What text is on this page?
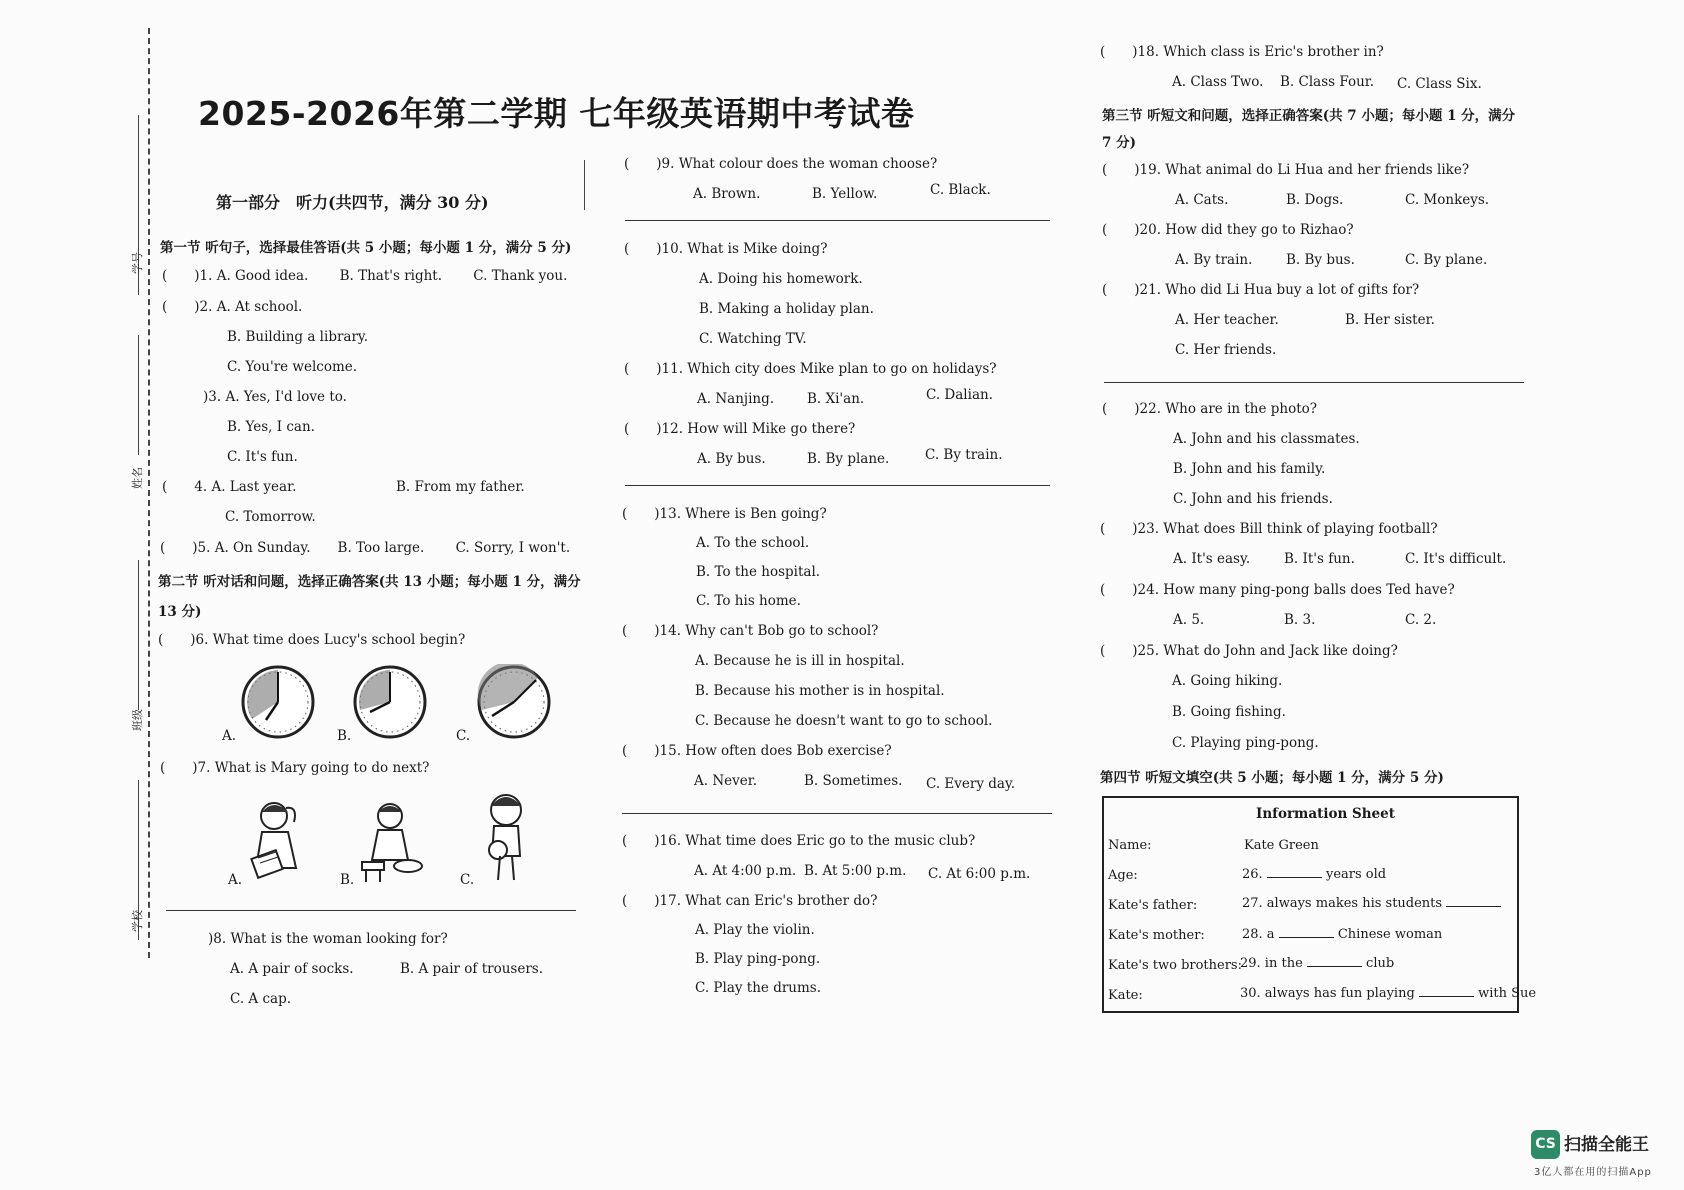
学号
姓名
班级
学校
2025-2026年第二学期 七年级英语期中考试卷
第一部分　听力(共四节，满分 30 分)
第一节 听句子，选择最佳答语(共 5 小题；每小题 1 分，满分 5 分)
(　　)1. A. Good idea.　　 B. That's right.　　 C. Thank you.
(　　)2. A. At school.
B. Building a library.
C. You're welcome.
)3. A. Yes, I'd love to.
B. Yes, I can.
C. It's fun.
(　　4. A. Last year.	B. From my father.
C. Tomorrow.
(　　)5. A. On Sunday.　　B. Too large.　　 C. Sorry, I won't.
第二节 听对话和问题，选择正确答案(共 13 小题；每小题 1 分，满分
13 分)
(　　)6. What time does Lucy's school begin?
A.	B.	C.
(　　)7. What is Mary going to do next?
A.	B.	C.
)8. What is the woman looking for?
A. A pair of socks.	B. A pair of trousers.
C. A cap.
(　　)9. What colour does the woman choose?
A. Brown.	B. Yellow.	C. Black.
(　　)10. What is Mike doing?
A. Doing his homework.
B. Making a holiday plan.
C. Watching TV.
(　　)11. Which city does Mike plan to go on holidays?
A. Nanjing. B. Xi'an.	C. Dalian.
(　　)12. How will Mike go there?
A. By bus.	B. By plane.	C. By train.
(　　)13. Where is Ben going?
A. To the school.
B. To the hospital.
C. To his home.
(　　)14. Why can't Bob go to school?
A. Because he is ill in hospital.
B. Because his mother is in hospital.
C. Because he doesn't want to go to school.
(　　)15. How often does Bob exercise?
A. Never.	B. Sometimes. C. Every day.
(　　)16. What time does Eric go to the music club?
A. At 4:00 p.m. B. At 5:00 p.m. C. At 6:00 p.m.
(　　)17. What can Eric's brother do?
A. Play the violin.
B. Play ping-pong.
C. Play the drums.
(　　)18. Which class is Eric's brother in?
A. Class Two. B. Class Four. C. Class Six.
第三节 听短文和问题，选择正确答案(共 7 小题；每小题 1 分，满分
7 分)
(　　)19. What animal do Li Hua and her friends like?
A. Cats.	B. Dogs.	C. Monkeys.
(　　)20. How did they go to Rizhao?
A. By train. B. By bus.	C. By plane.
(　　)21. Who did Li Hua buy a lot of gifts for?
A. Her teacher.	B. Her sister.
C. Her friends.
(　　)22. Who are in the photo?
A. John and his classmates.
B. John and his family.
C. John and his friends.
(　　)23. What does Bill think of playing football?
A. It's easy.	B. It's fun.	C. It's difficult.
(　　)24. How many ping-pong balls does Ted have?
A. 5.	B. 3.	C. 2.
(　　)25. What do John and Jack like doing?
A. Going hiking.
B. Going fishing.
C. Playing ping-pong.
第四节 听短文填空(共 5 小题；每小题 1 分，满分 5 分)
Information Sheet
Name:	Kate Green
Age:	26.	years old
Kate's father:	27. always makes his students
Kate's mother:	28. a	Chinese woman
Kate's two brothers:
29. in the	club
Kate:	30. always has fun playing	with Sue
CS 扫描全能王
3亿人都在用的扫描App
